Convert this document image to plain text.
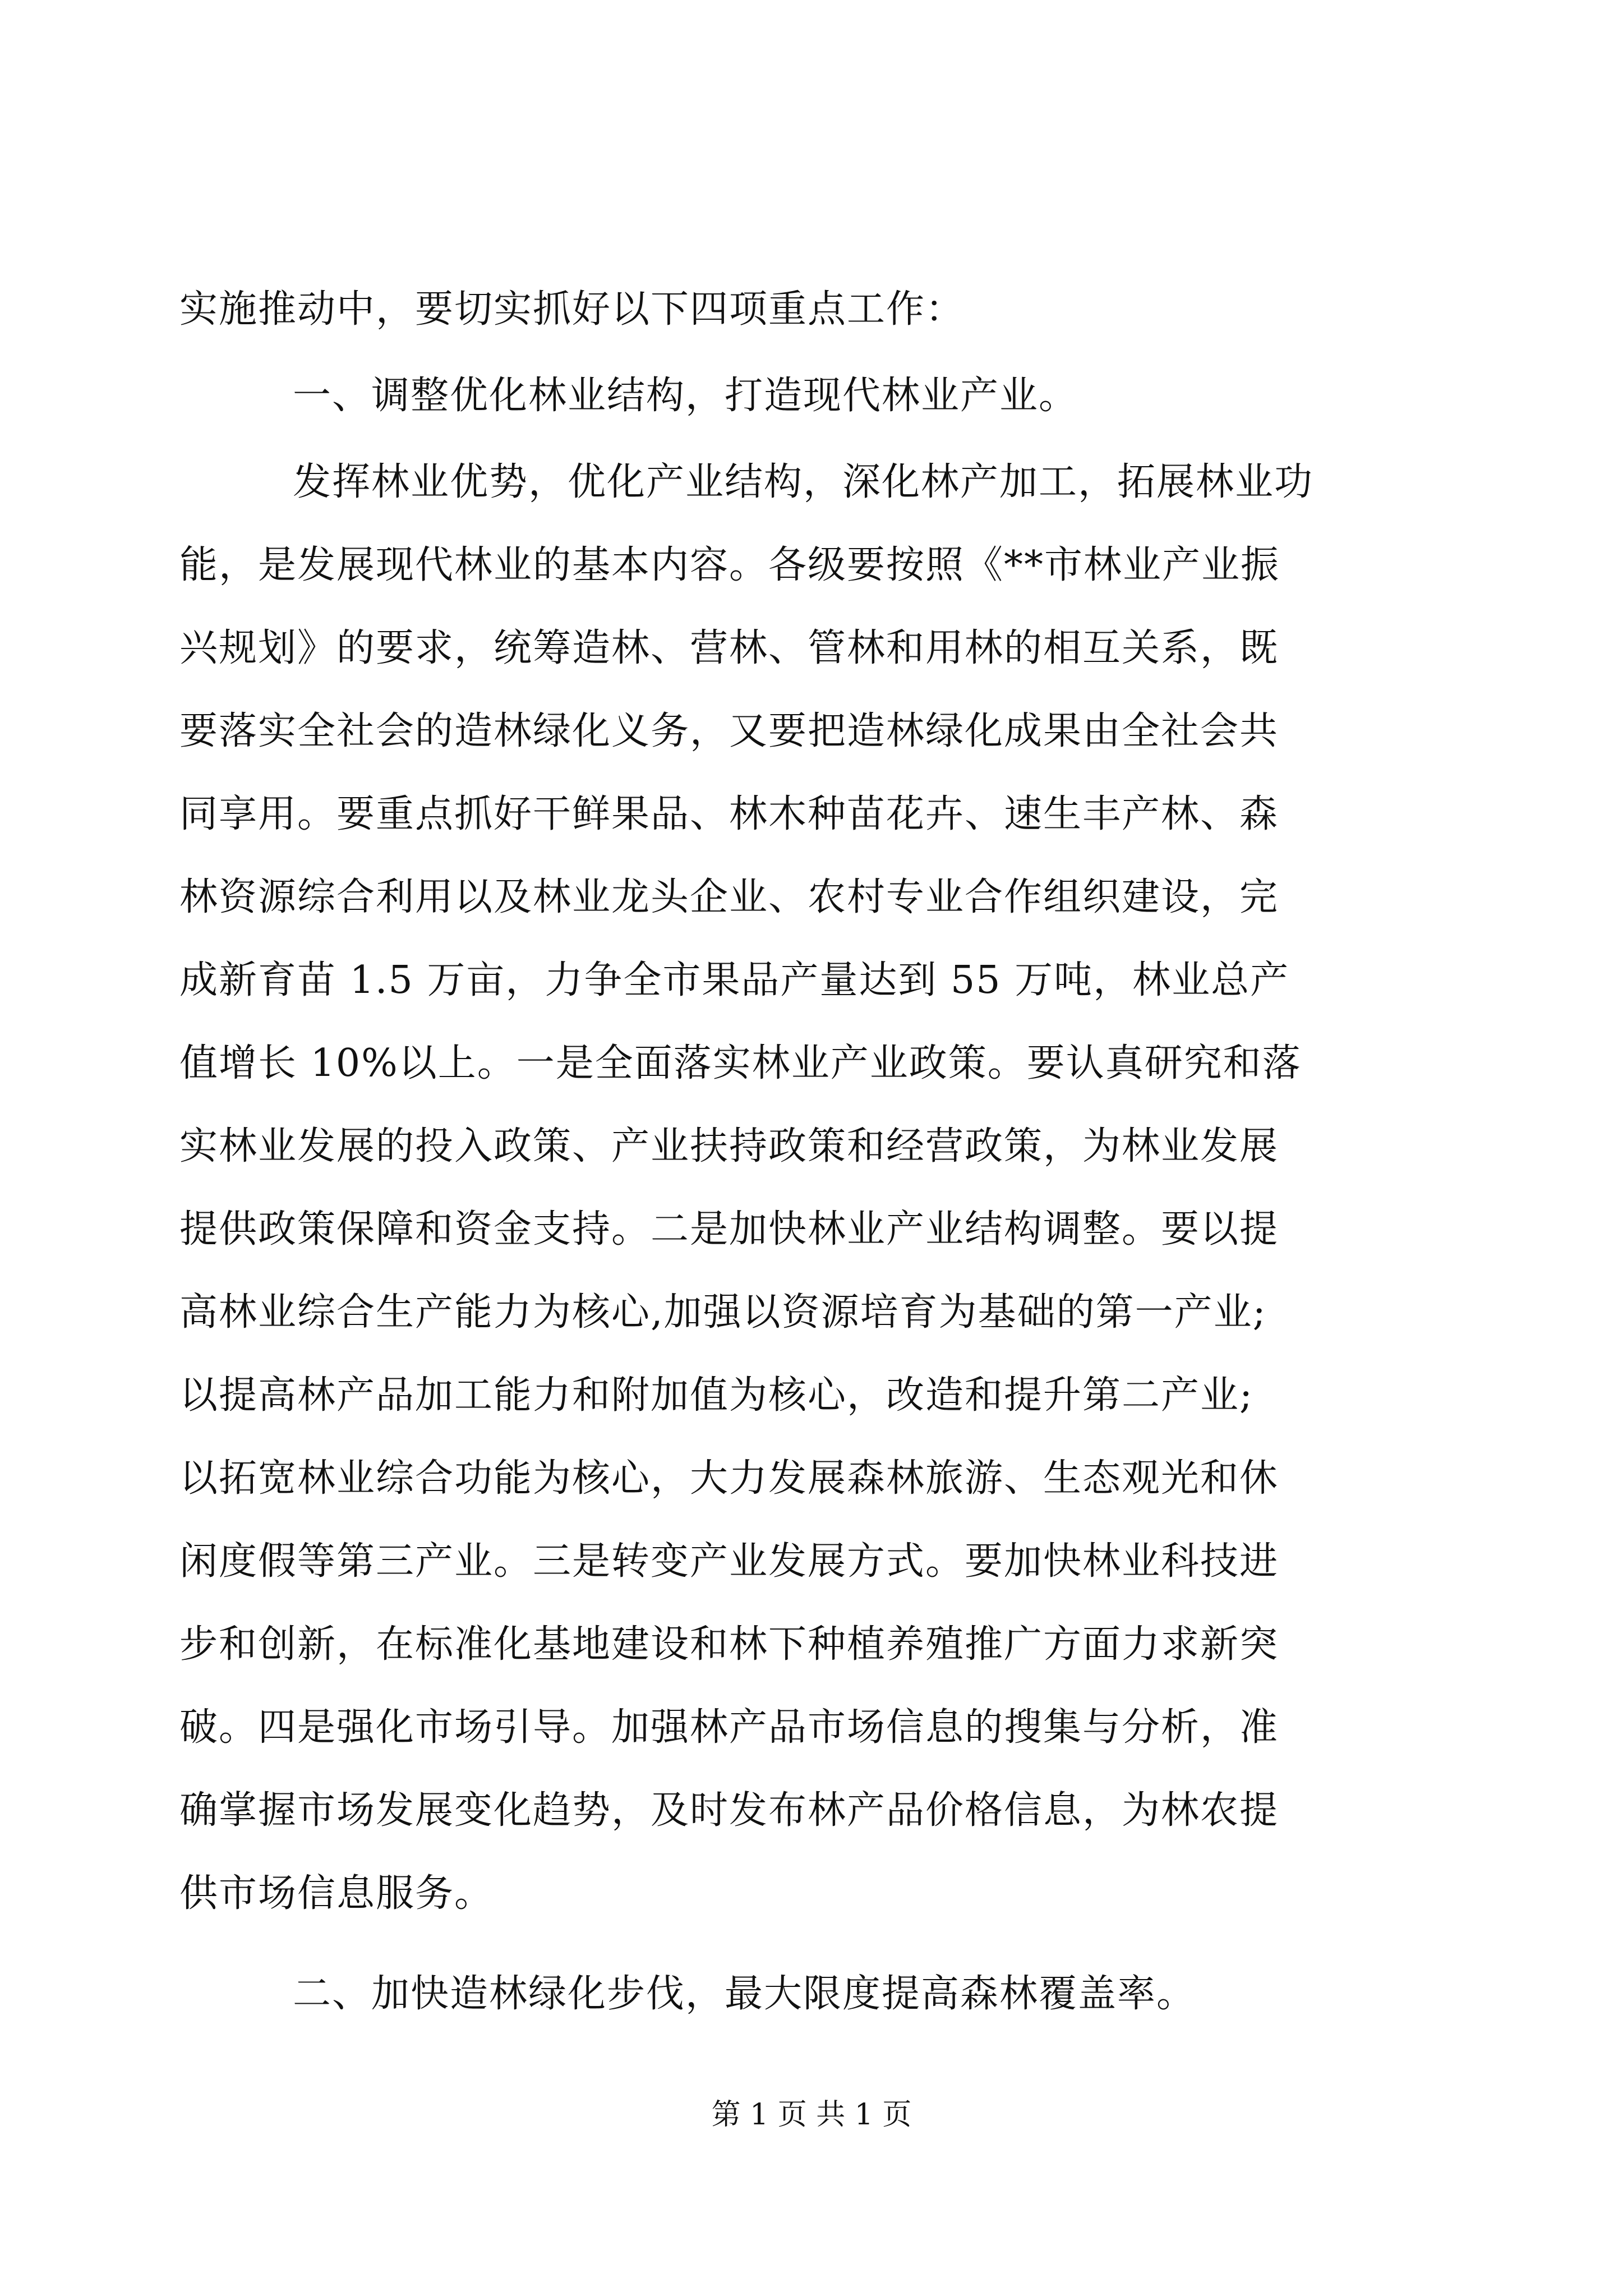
实施推动中，要切实抓好以下四项重点工作：
一、调整优化林业结构，打造现代林业产业。
发挥林业优势，优化产业结构，深化林产加工，拓展林业功
能，是发展现代林业的基本内容。各级要按照《**市林业产业振
兴规划》的要求，统筹造林、营林、管林和用林的相互关系，既
要落实全社会的造林绿化义务，又要把造林绿化成果由全社会共
同享用。要重点抓好干鲜果品、林木种苗花卉、速生丰产林、森
林资源综合利用以及林业龙头企业、农村专业合作组织建设，完
成新育苗 1.5 万亩，力争全市果品产量达到 55 万吨，林业总产
值增长 10%以上。一是全面落实林业产业政策。要认真研究和落
实林业发展的投入政策、产业扶持政策和经营政策，为林业发展
提供政策保障和资金支持。二是加快林业产业结构调整。要以提
高林业综合生产能力为核心,加强以资源培育为基础的第一产业;
以提高林产品加工能力和附加值为核心，改造和提升第二产业;
以拓宽林业综合功能为核心，大力发展森林旅游、生态观光和休
闲度假等第三产业。三是转变产业发展方式。要加快林业科技进
步和创新，在标准化基地建设和林下种植养殖推广方面力求新突
破。四是强化市场引导。加强林产品市场信息的搜集与分析，准
确掌握市场发展变化趋势，及时发布林产品价格信息，为林农提
供市场信息服务。
二、加快造林绿化步伐，最大限度提高森林覆盖率。
第 1 页 共 1 页
